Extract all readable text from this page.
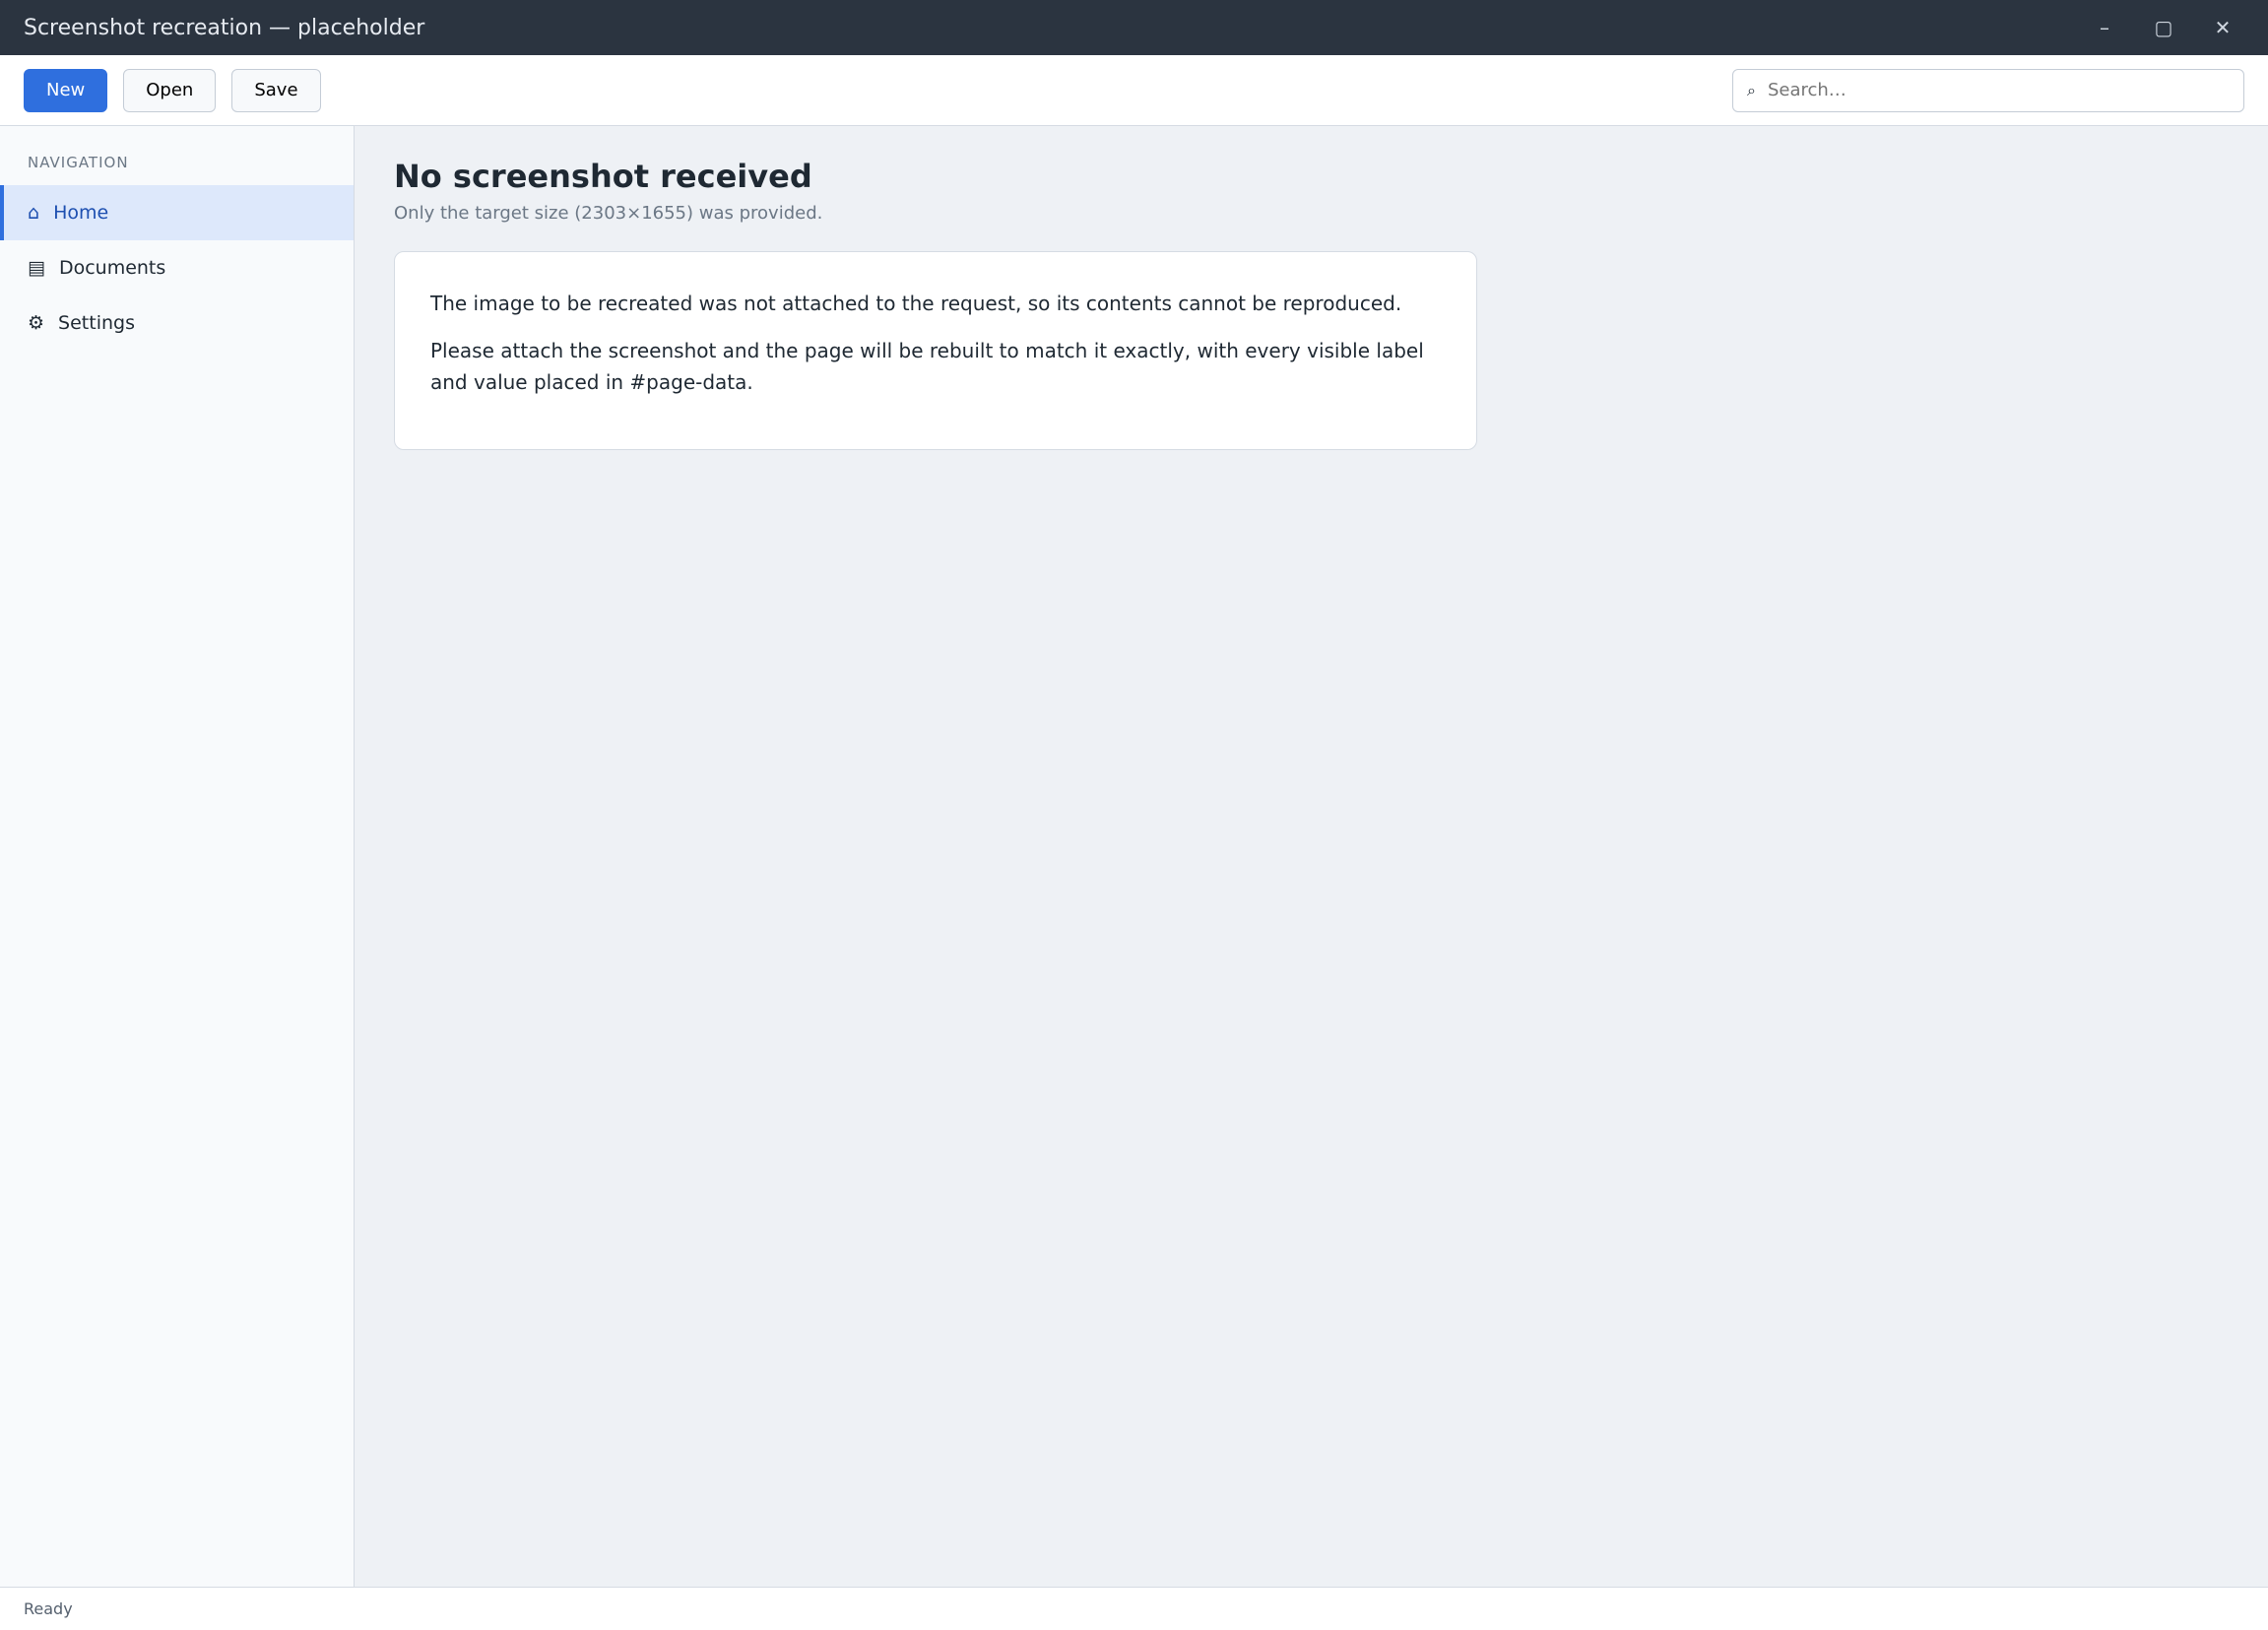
Screenshot recreation — placeholder	–	▢	✕
New	Open	Save	⌕
Search…
NAVIGATION
⌂ Home
▤ Documents
⚙ Settings
No screenshot received
Only the target size (2303×1655) was provided.

The image to be recreated was not attached to the request, so its contents cannot be reproduced.

Please attach the screenshot and the page will be rebuilt to match it exactly, with every visible label and value placed in #page-data.

Ready
